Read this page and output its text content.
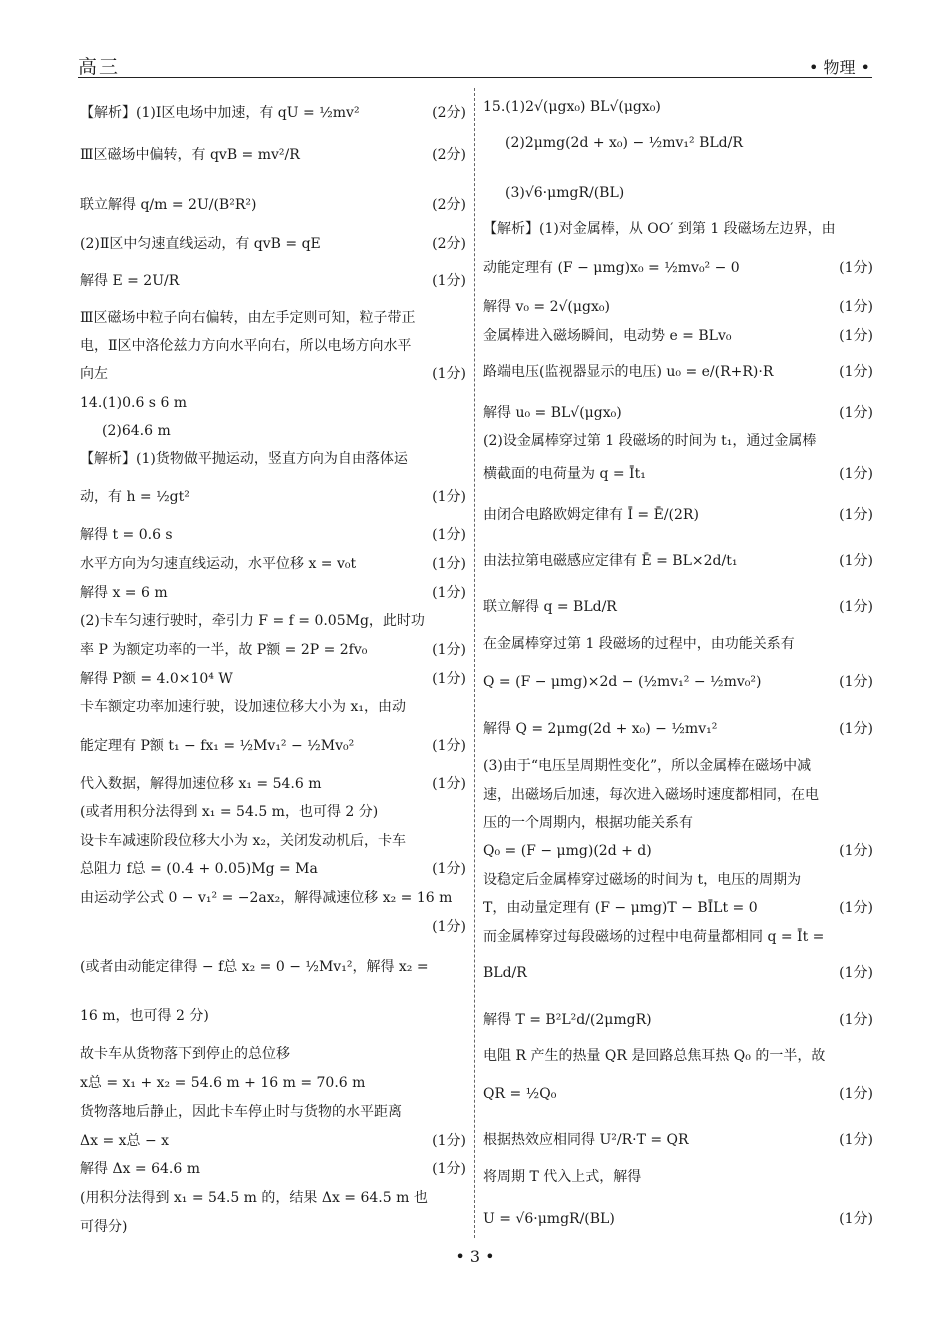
高三	• 物理 •
【解析】(1)Ⅰ区电场中加速，有 qU = ½mv²	(2分)
Ⅲ区磁场中偏转，有 qvB = mv²/R	(2分)
联立解得 q/m = 2U/(B²R²)	(2分)
(2)Ⅱ区中匀速直线运动，有 qvB = qE	(2分)
解得 E = 2U/R	(1分)
Ⅲ区磁场中粒子向右偏转，由左手定则可知，粒子带正
电，Ⅱ区中洛伦兹力方向水平向右，所以电场方向水平
向左	(1分)
14.(1)0.6 s 6 m
(2)64.6 m
【解析】(1)货物做平抛运动，竖直方向为自由落体运
动，有 h = ½gt²	(1分)
解得 t = 0.6 s	(1分)
水平方向为匀速直线运动，水平位移 x = v₀t	(1分)
解得 x = 6 m	(1分)
(2)卡车匀速行驶时，牵引力 F = f = 0.05Mg，此时功
率 P 为额定功率的一半，故 P额 = 2P = 2fv₀	(1分)
解得 P额 = 4.0×10⁴ W	(1分)
卡车额定功率加速行驶，设加速位移大小为 x₁，由动
能定理有 P额 t₁ − fx₁ = ½Mv₁² − ½Mv₀²	(1分)
代入数据，解得加速位移 x₁ = 54.6 m	(1分)
(或者用积分法得到 x₁ = 54.5 m，也可得 2 分)
设卡车减速阶段位移大小为 x₂，关闭发动机后，卡车
总阻力 f总 = (0.4 + 0.05)Mg = Ma	(1分)
由运动学公式 0 − v₁² = −2ax₂，解得减速位移 x₂ = 16 m
(1分)
(或者由动能定律得 − f总 x₂ = 0 − ½Mv₁²，解得 x₂ =
16 m，也可得 2 分)
故卡车从货物落下到停止的总位移
x总 = x₁ + x₂ = 54.6 m + 16 m = 70.6 m
货物落地后静止，因此卡车停止时与货物的水平距离
Δx = x总 − x	(1分)
解得 Δx = 64.6 m	(1分)
(用积分法得到 x₁ = 54.5 m 的，结果 Δx = 64.5 m 也
可得分)
15.(1)2√(μgx₀) BL√(μgx₀)
(2)2μmg(2d + x₀) − ½mv₁² BLd/R
(3)√6·μmgR/(BL)
【解析】(1)对金属棒，从 OO′ 到第 1 段磁场左边界，由
动能定理有 (F − μmg)x₀ = ½mv₀² − 0	(1分)
解得 v₀ = 2√(μgx₀)	(1分)
金属棒进入磁场瞬间，电动势 e = BLv₀	(1分)
路端电压(监视器显示的电压) u₀ = e/(R+R)·R	(1分)
解得 u₀ = BL√(μgx₀)	(1分)
(2)设金属棒穿过第 1 段磁场的时间为 t₁，通过金属棒
横截面的电荷量为 q = Īt₁	(1分)
由闭合电路欧姆定律有 Ī = Ē/(2R)	(1分)
由法拉第电磁感应定律有 Ē = BL×2d/t₁	(1分)
联立解得 q = BLd/R	(1分)
在金属棒穿过第 1 段磁场的过程中，由功能关系有
Q = (F − μmg)×2d − (½mv₁² − ½mv₀²)	(1分)
解得 Q = 2μmg(2d + x₀) − ½mv₁²	(1分)
(3)由于“电压呈周期性变化”，所以金属棒在磁场中减
速，出磁场后加速，每次进入磁场时速度都相同，在电
压的一个周期内，根据功能关系有
Q₀ = (F − μmg)(2d + d)	(1分)
设稳定后金属棒穿过磁场的时间为 t，电压的周期为
T，由动量定理有 (F − μmg)T − BĪLt = 0	(1分)
而金属棒穿过每段磁场的过程中电荷量都相同 q = Īt =
BLd/R	(1分)
解得 T = B²L²d/(2μmgR)	(1分)
电阻 R 产生的热量 QR 是回路总焦耳热 Q₀ 的一半，故
QR = ½Q₀	(1分)
根据热效应相同得 U²/R·T = QR	(1分)
将周期 T 代入上式，解得
U = √6·μmgR/(BL)	(1分)
• 3 •
